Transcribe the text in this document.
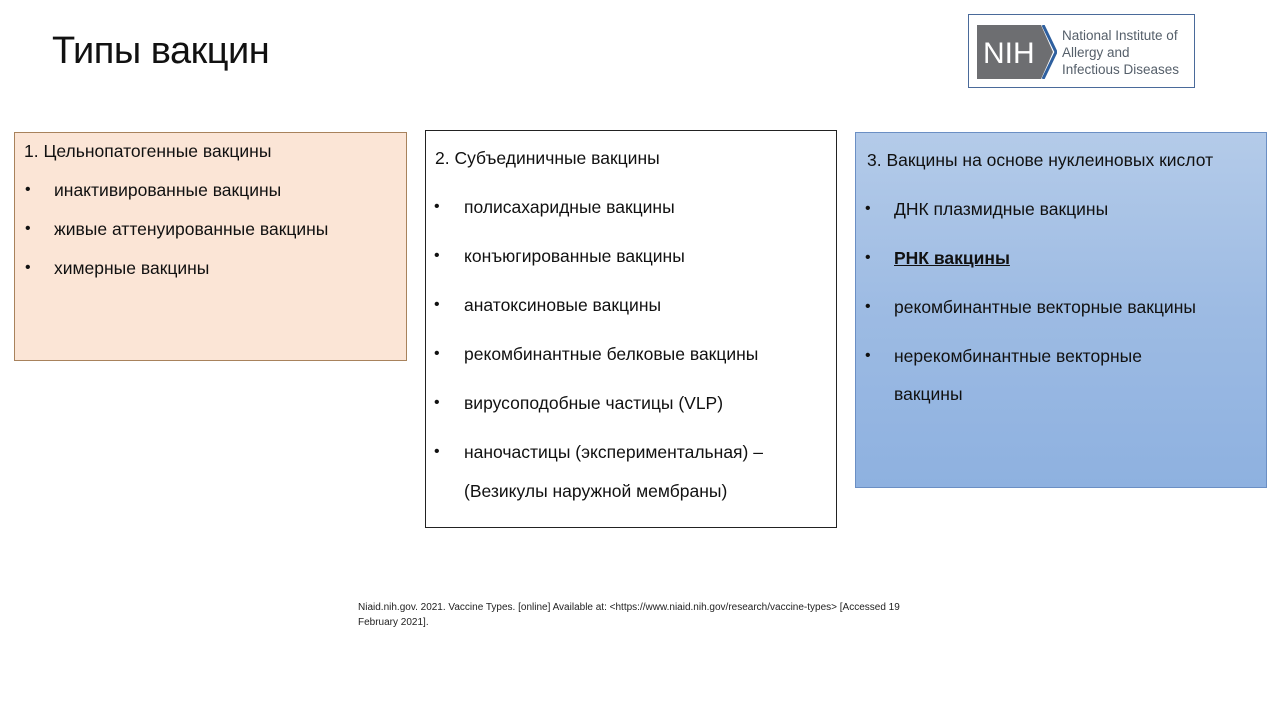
Типы вакцин	NIH
National Institute of
Allergy and
Infectious Diseases
1. Цельнопатогенные вакцины
• инактивированные вакцины
• живые аттенуированные вакцины
• химерные вакцины
2. Субъединичные вакцины
• полисахаридные вакцины
• конъюгированные вакцины
• анатоксиновые вакцины
• рекомбинантные белковые вакцины
• вирусоподобные частицы (VLP)
• наночастицы (экспериментальная) –
(Везикулы наружной мембраны)
3. Вакцины на основе нуклеиновых кислот
• ДНК плазмидные вакцины
• РНК вакцины
• рекомбинантные векторные вакцины
• нерекомбинантные векторные
вакцины
Niaid.nih.gov. 2021. Vaccine Types. [online] Available at: <https://www.niaid.nih.gov/research/vaccine-types> [Accessed 19
February 2021].
